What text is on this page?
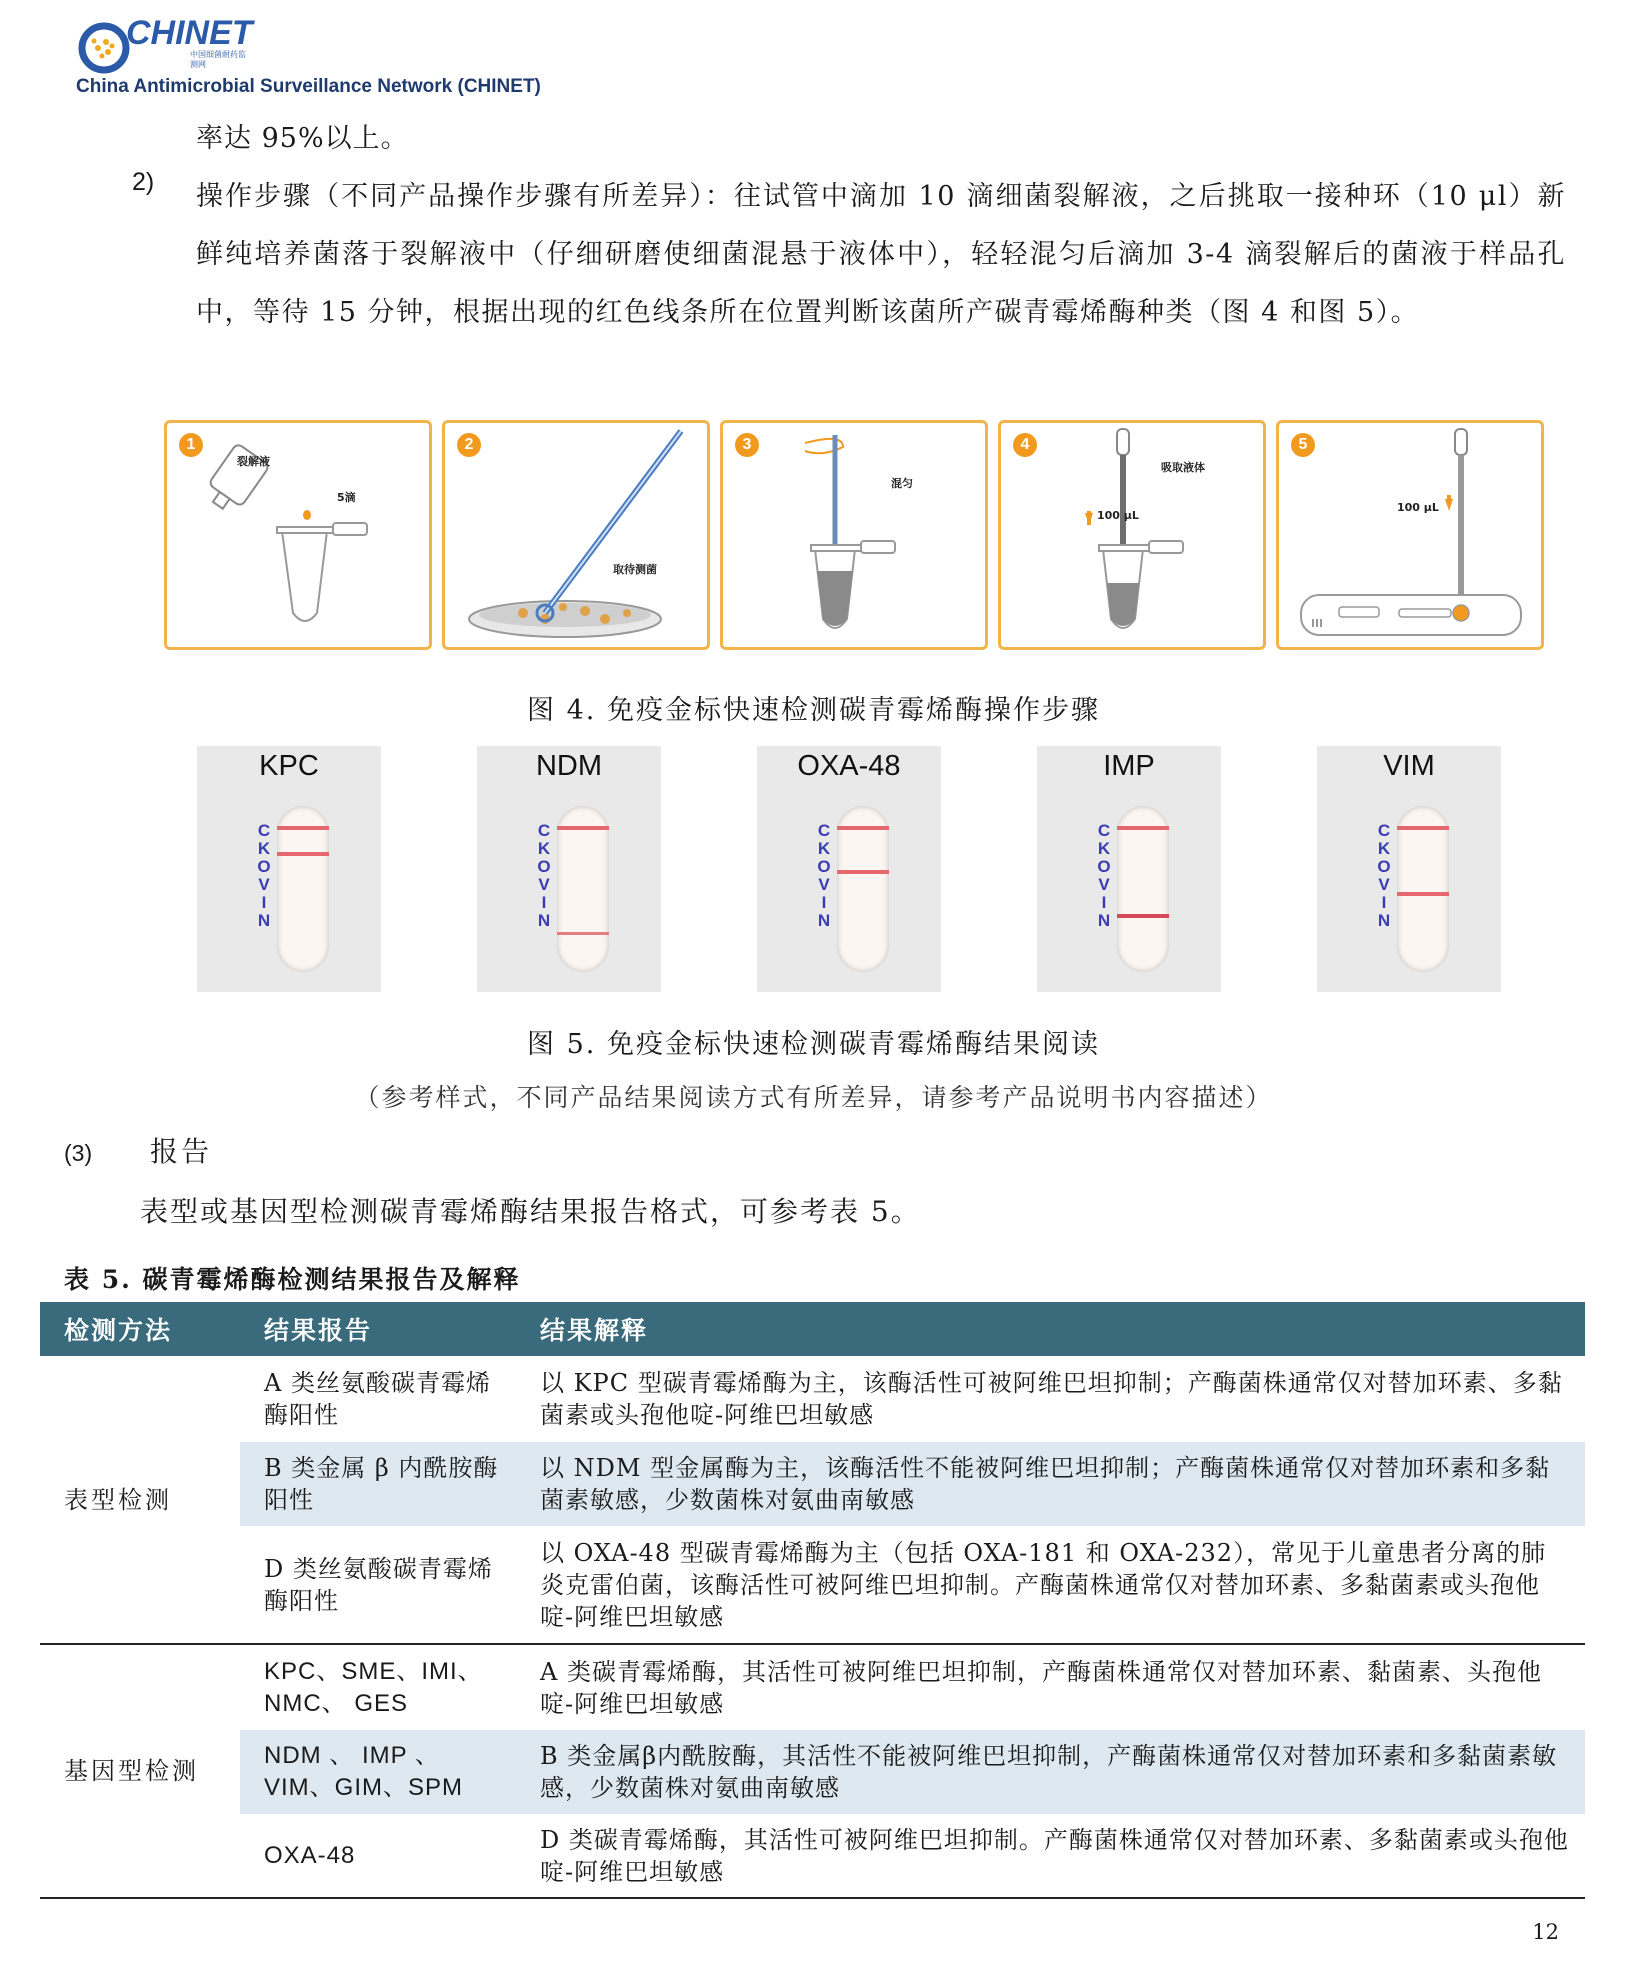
CHINET
中国细菌耐药监测网
China Antimicrobial Surveillance Network (CHINET)
率达 95%以上。
2) 操作步骤（不同产品操作步骤有所差异）：往试管中滴加 10 滴细菌裂解液，之后挑取一接种环（10 μl）新鲜纯培养菌落于裂解液中（仔细研磨使细菌混悬于液体中），轻轻混匀后滴加 3-4 滴裂解后的菌液于样品孔中，等待 15 分钟，根据出现的红色线条所在位置判断该菌所产碳青霉烯酶种类（图 4 和图 5）。
1
裂解液
5滴
2
取待测菌
3
混匀
4
吸取液体
100 μL
5
100 μL
图 4. 免疫金标快速检测碳青霉烯酶操作步骤
KPC
CKOVIN
NDM
CKOVIN
OXA-48
CKOVIN
IMP
CKOVIN
VIM
CKOVIN
图 5. 免疫金标快速检测碳青霉烯酶结果阅读
（参考样式，不同产品结果阅读方式有所差异，请参考产品说明书内容描述）
(3) 报告
表型或基因型检测碳青霉烯酶结果报告格式，可参考表 5。
表 5. 碳青霉烯酶检测结果报告及解释
检测方法	结果报告	结果解释
表型检测	A 类丝氨酸碳青霉烯酶阳性	以 KPC 型碳青霉烯酶为主，该酶活性可被阿维巴坦抑制；产酶菌株通常仅对替加环素、多黏菌素或头孢他啶-阿维巴坦敏感
	B 类金属 β 内酰胺酶阳性	以 NDM 型金属酶为主，该酶活性不能被阿维巴坦抑制；产酶菌株通常仅对替加环素和多黏菌素敏感，少数菌株对氨曲南敏感
	D 类丝氨酸碳青霉烯酶阳性	以 OXA-48 型碳青霉烯酶为主（包括 OXA-181 和 OXA-232），常见于儿童患者分离的肺炎克雷伯菌，该酶活性可被阿维巴坦抑制。产酶菌株通常仅对替加环素、多黏菌素或头孢他啶-阿维巴坦敏感
基因型检测	KPC、SME、IMI、NMC、 GES	A 类碳青霉烯酶，其活性可被阿维巴坦抑制，产酶菌株通常仅对替加环素、黏菌素、头孢他啶-阿维巴坦敏感
	NDM 、 IMP 、VIM、GIM、SPM	B 类金属β内酰胺酶，其活性不能被阿维巴坦抑制，产酶菌株通常仅对替加环素和多黏菌素敏感，少数菌株对氨曲南敏感
	OXA-48	D 类碳青霉烯酶，其活性可被阿维巴坦抑制。产酶菌株通常仅对替加环素、多黏菌素或头孢他啶-阿维巴坦敏感
12
